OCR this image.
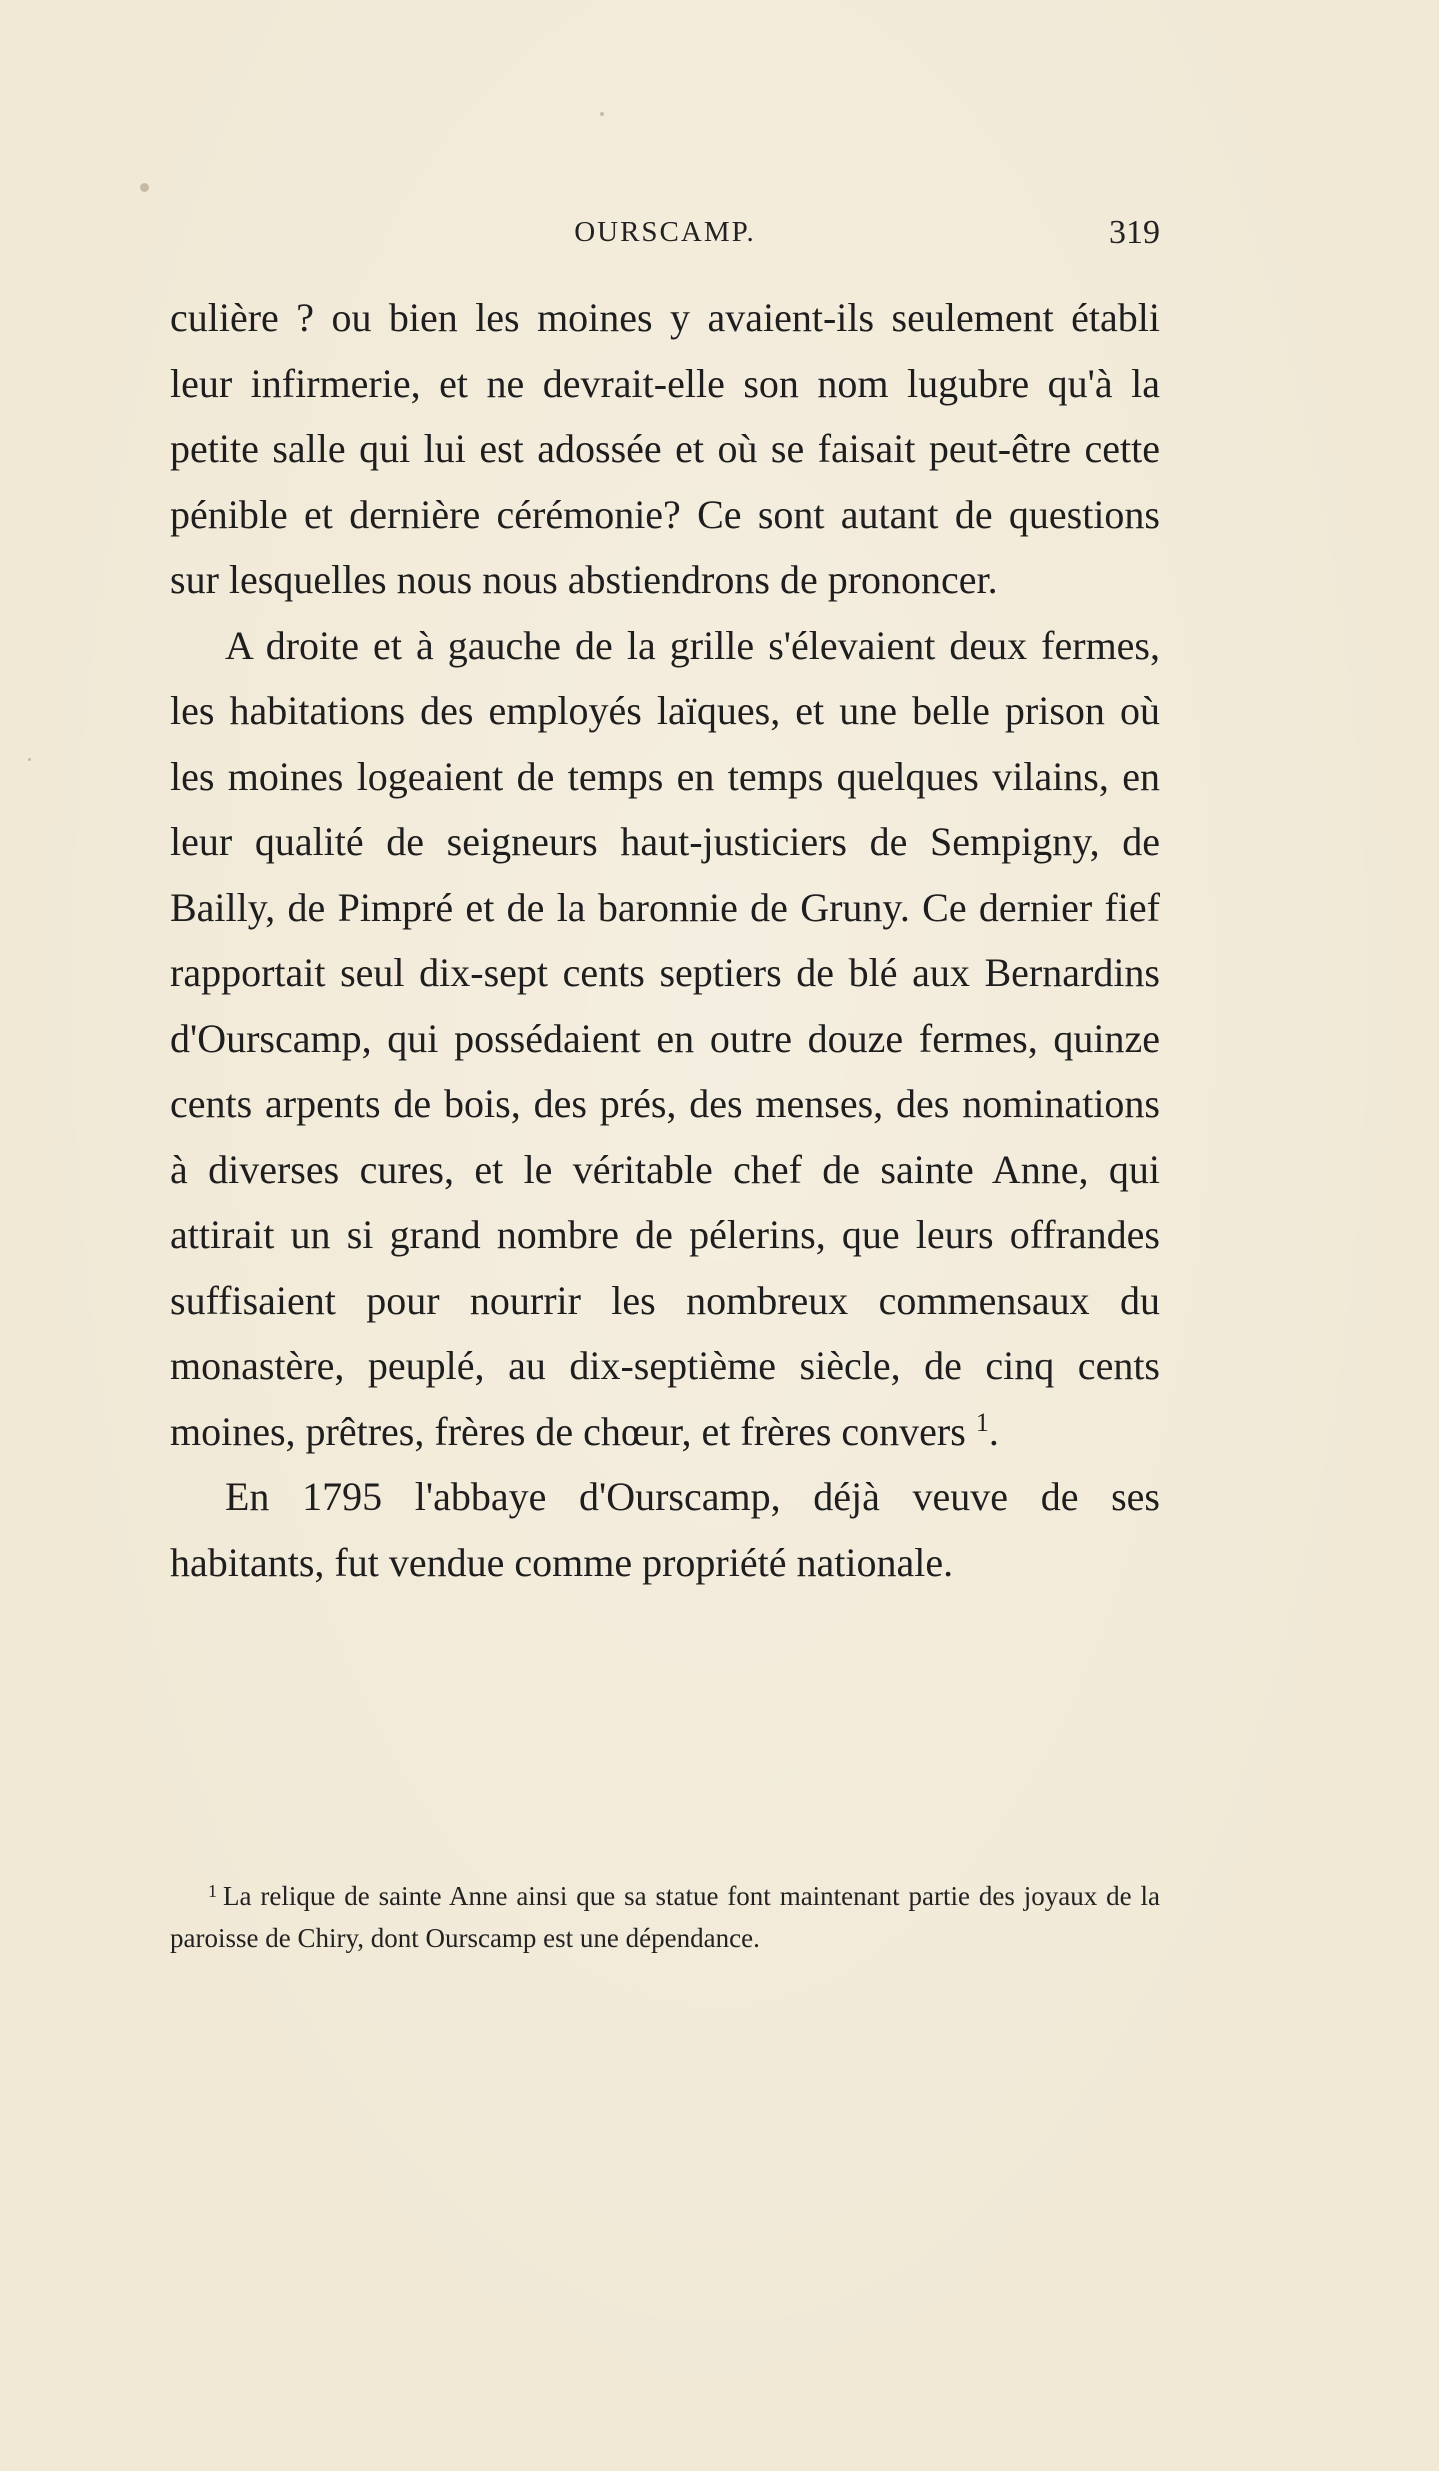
OURSCAMP.	319

culière ? ou bien les moines y avaient-ils seulement établi leur infirmerie, et ne devrait-elle son nom lugubre qu'à la petite salle qui lui est adossée et où se faisait peut-être cette pénible et dernière cérémonie? Ce sont autant de questions sur lesquelles nous nous abstiendrons de prononcer.

A droite et à gauche de la grille s'élevaient deux fermes, les habitations des employés laïques, et une belle prison où les moines logeaient de temps en temps quelques vilains, en leur qualité de seigneurs haut-justiciers de Sempigny, de Bailly, de Pimpré et de la baronnie de Gruny. Ce dernier fief rapportait seul dix-sept cents septiers de blé aux Bernardins d'Ourscamp, qui possédaient en outre douze fermes, quinze cents arpents de bois, des prés, des menses, des nominations à diverses cures, et le véritable chef de sainte Anne, qui attirait un si grand nombre de pélerins, que leurs offrandes suffisaient pour nourrir les nombreux commensaux du monastère, peuplé, au dix-septième siècle, de cinq cents moines, prêtres, frères de chœur, et frères convers $^1$.

En 1795 l'abbaye d'Ourscamp, déjà veuve de ses habitants, fut vendue comme propriété nationale.

$^1$ La relique de sainte Anne ainsi que sa statue font maintenant partie des joyaux de la paroisse de Chiry, dont Ourscamp est une dépendance.
